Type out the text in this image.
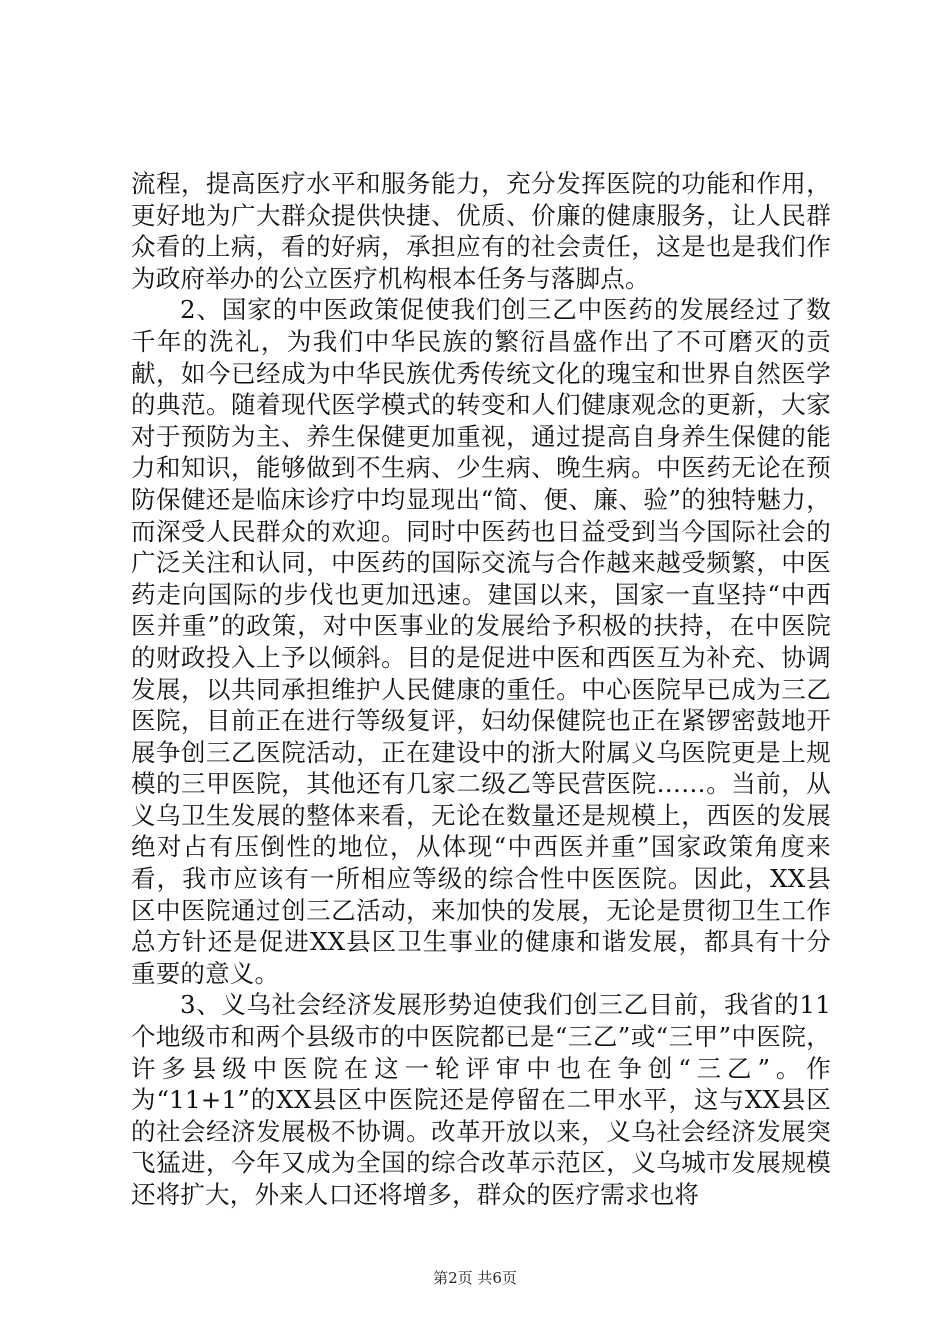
流程，提高医疗水平和服务能力，充分发挥医院的功能和作用，更好地为广大群众提供快捷、优质、价廉的健康服务，让人民群众看的上病，看的好病，承担应有的社会责任，这是也是我们作为政府举办的公立医疗机构根本任务与落脚点。

2、国家的中医政策促使我们创三乙中医药的发展经过了数千年的洗礼，为我们中华民族的繁衍昌盛作出了不可磨灭的贡献，如今已经成为中华民族优秀传统文化的瑰宝和世界自然医学的典范。随着现代医学模式的转变和人们健康观念的更新，大家对于预防为主、养生保健更加重视，通过提高自身养生保健的能力和知识，能够做到不生病、少生病、晚生病。中医药无论在预防保健还是临床诊疗中均显现出“简、便、廉、验”的独特魅力，而深受人民群众的欢迎。同时中医药也日益受到当今国际社会的广泛关注和认同，中医药的国际交流与合作越来越受频繁，中医药走向国际的步伐也更加迅速。建国以来，国家一直坚持“中西医并重”的政策，对中医事业的发展给予积极的扶持，在中医院的财政投入上予以倾斜。目的是促进中医和西医互为补充、协调发展，以共同承担维护人民健康的重任。中心医院早已成为三乙医院，目前正在进行等级复评，妇幼保健院也正在紧锣密鼓地开展争创三乙医院活动，正在建设中的浙大附属义乌医院更是上规模的三甲医院，其他还有几家二级乙等民营医院……。当前，从义乌卫生发展的整体来看，无论在数量还是规模上，西医的发展绝对占有压倒性的地位，从体现“中西医并重”国家政策角度来看，我市应该有一所相应等级的综合性中医医院。因此，XX县区中医院通过创三乙活动，来加快的发展，无论是贯彻卫生工作总方针还是促进XX县区卫生事业的健康和谐发展，都具有十分重要的意义。

3、义乌社会经济发展形势迫使我们创三乙目前，我省的11个地级市和两个县级市的中医院都已是“三乙”或“三甲”中医院，许多县级中医院在这一轮评审中也在争创“三乙”。作为“11+1”的XX县区中医院还是停留在二甲水平，这与XX县区的社会经济发展极不协调。改革开放以来，义乌社会经济发展突飞猛进，今年又成为全国的综合改革示范区，义乌城市发展规模还将扩大，外来人口还将增多，群众的医疗需求也将

第2页 共6页
